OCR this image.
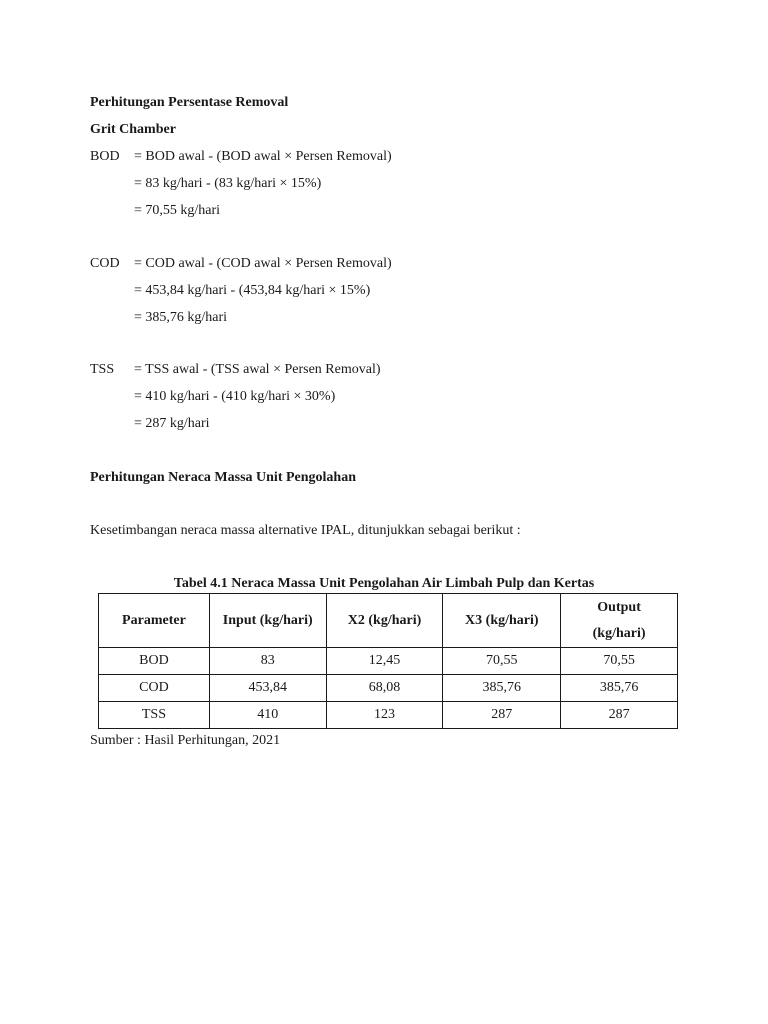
Perhitungan Persentase Removal
Grit Chamber
BOD = BOD awal - (BOD awal × Persen Removal)
= 83 kg/hari - (83 kg/hari × 15%)
= 70,55 kg/hari
COD = COD awal - (COD awal × Persen Removal)
= 453,84 kg/hari - (453,84 kg/hari × 15%)
= 385,76 kg/hari
TSS = TSS awal - (TSS awal × Persen Removal)
= 410 kg/hari - (410 kg/hari × 30%)
= 287 kg/hari
Perhitungan Neraca Massa Unit Pengolahan
Kesetimbangan neraca massa alternative IPAL, ditunjukkan sebagai berikut :
Tabel 4.1 Neraca Massa Unit Pengolahan Air Limbah Pulp dan Kertas
Parameter	Input (kg/hari)	X2 (kg/hari)	X3 (kg/hari)	Output
(kg/hari)

BOD	83	12,45	70,55	70,55
COD	453,84	68,08	385,76	385,76
TSS	410	123	287	287
Sumber : Hasil Perhitungan, 2021
